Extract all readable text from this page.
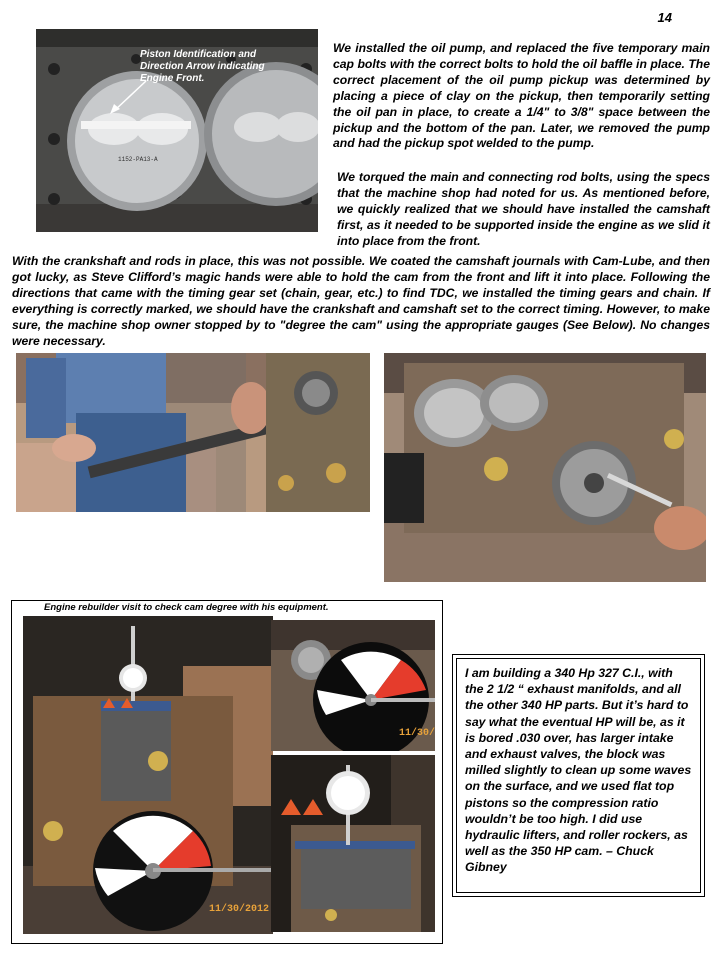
14
1152-PA13-A
Piston Identification and Direction Arrow indicating Engine Front.

We installed the oil pump, and replaced the five temporary main cap bolts with the correct bolts to hold the oil baffle in place. The correct placement of the oil pump pickup was determined by placing a piece of clay on the pickup, then temporarily setting the oil pan in place, to create a 1/4" to 3/8" space between the pickup and the bottom of the pan. Later, we removed the pump and had the pickup spot welded to the pump.

We torqued the main and connecting rod bolts, using the specs that the machine shop had noted for us. As mentioned before, we quickly realized that we should have installed the camshaft first, as it needed to be supported inside the engine as we slid it into place from the front.

With the crankshaft and rods in place, this was not possible. We coated the camshaft journals with Cam-Lube, and then got lucky, as Steve Clifford’s magic hands were able to hold the cam from the front and lift it into place. Following the directions that came with the timing gear set (chain, gear, etc.) to find TDC, we installed the timing gears and chain. If everything is correctly marked, we should have the crankshaft and camshaft set to the correct timing. However, to make sure, the machine shop owner stopped by to "degree the cam" using the appropriate gauges (See Below). No changes were necessary.

Engine rebuilder visit to check cam degree with his equipment.
11/30/2012
11/30/

I am building a 340 Hp 327 C.I., with the 2 1/2 “ exhaust manifolds, and all the other 340 HP parts. But it’s hard to say what the eventual HP will be, as it is bored .030 over, has larger intake and exhaust valves, the block was milled slightly to clean up some waves on the surface, and we used flat top pistons so the compression ratio wouldn’t be too high. I did use hydraulic lifters, and roller rockers, as well as the 350 HP cam. – Chuck Gibney
